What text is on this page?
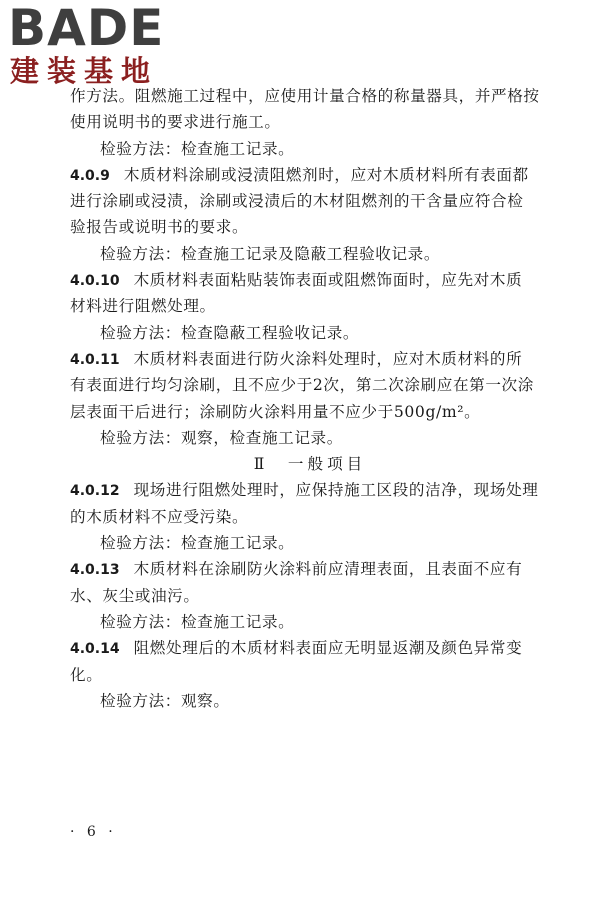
BADE
建装基地
作方法。阻燃施工过程中，应使用计量合格的称量器具，并严格按
使用说明书的要求进行施工。
检验方法：检查施工记录。
4.0.9 木质材料涂刷或浸渍阻燃剂时，应对木质材料所有表面都
进行涂刷或浸渍，涂刷或浸渍后的木材阻燃剂的干含量应符合检
验报告或说明书的要求。
检验方法：检查施工记录及隐蔽工程验收记录。
4.0.10 木质材料表面粘贴装饰表面或阻燃饰面时，应先对木质
材料进行阻燃处理。
检验方法：检查隐蔽工程验收记录。
4.0.11 木质材料表面进行防火涂料处理时，应对木质材料的所
有表面进行均匀涂刷，且不应少于2次，第二次涂刷应在第一次涂
层表面干后进行；涂刷防火涂料用量不应少于500g/m²。
检验方法：观察，检查施工记录。
Ⅱ　一般项目
4.0.12 现场进行阻燃处理时，应保持施工区段的洁净，现场处理
的木质材料不应受污染。
检验方法：检查施工记录。
4.0.13 木质材料在涂刷防火涂料前应清理表面，且表面不应有
水、灰尘或油污。
检验方法：检查施工记录。
4.0.14 阻燃处理后的木质材料表面应无明显返潮及颜色异常变
化。
检验方法：观察。
· 6 ·
